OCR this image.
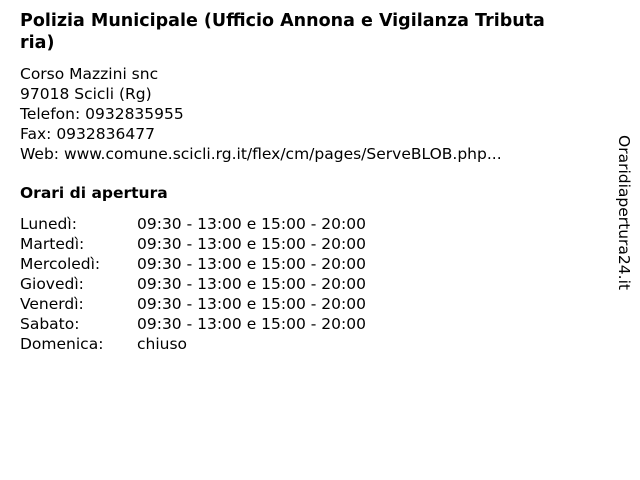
Polizia Municipale (Ufficio Annona e Vigilanza Tributa
ria)
Corso Mazzini snc
97018 Scicli (Rg)
Telefon: 0932835955
Fax: 0932836477
Web: www.comune.scicli.rg.it/flex/cm/pages/ServeBLOB.php...
Orari di apertura
Lunedì:	09:30 - 13:00 e 15:00 - 20:00
Martedì:	09:30 - 13:00 e 15:00 - 20:00
Mercoledì: 09:30 - 13:00 e 15:00 - 20:00
Giovedì:	09:30 - 13:00 e 15:00 - 20:00
Venerdì:	09:30 - 13:00 e 15:00 - 20:00
Sabato:	09:30 - 13:00 e 15:00 - 20:00
Domenica: chiuso
Oraridiapertura24.it
